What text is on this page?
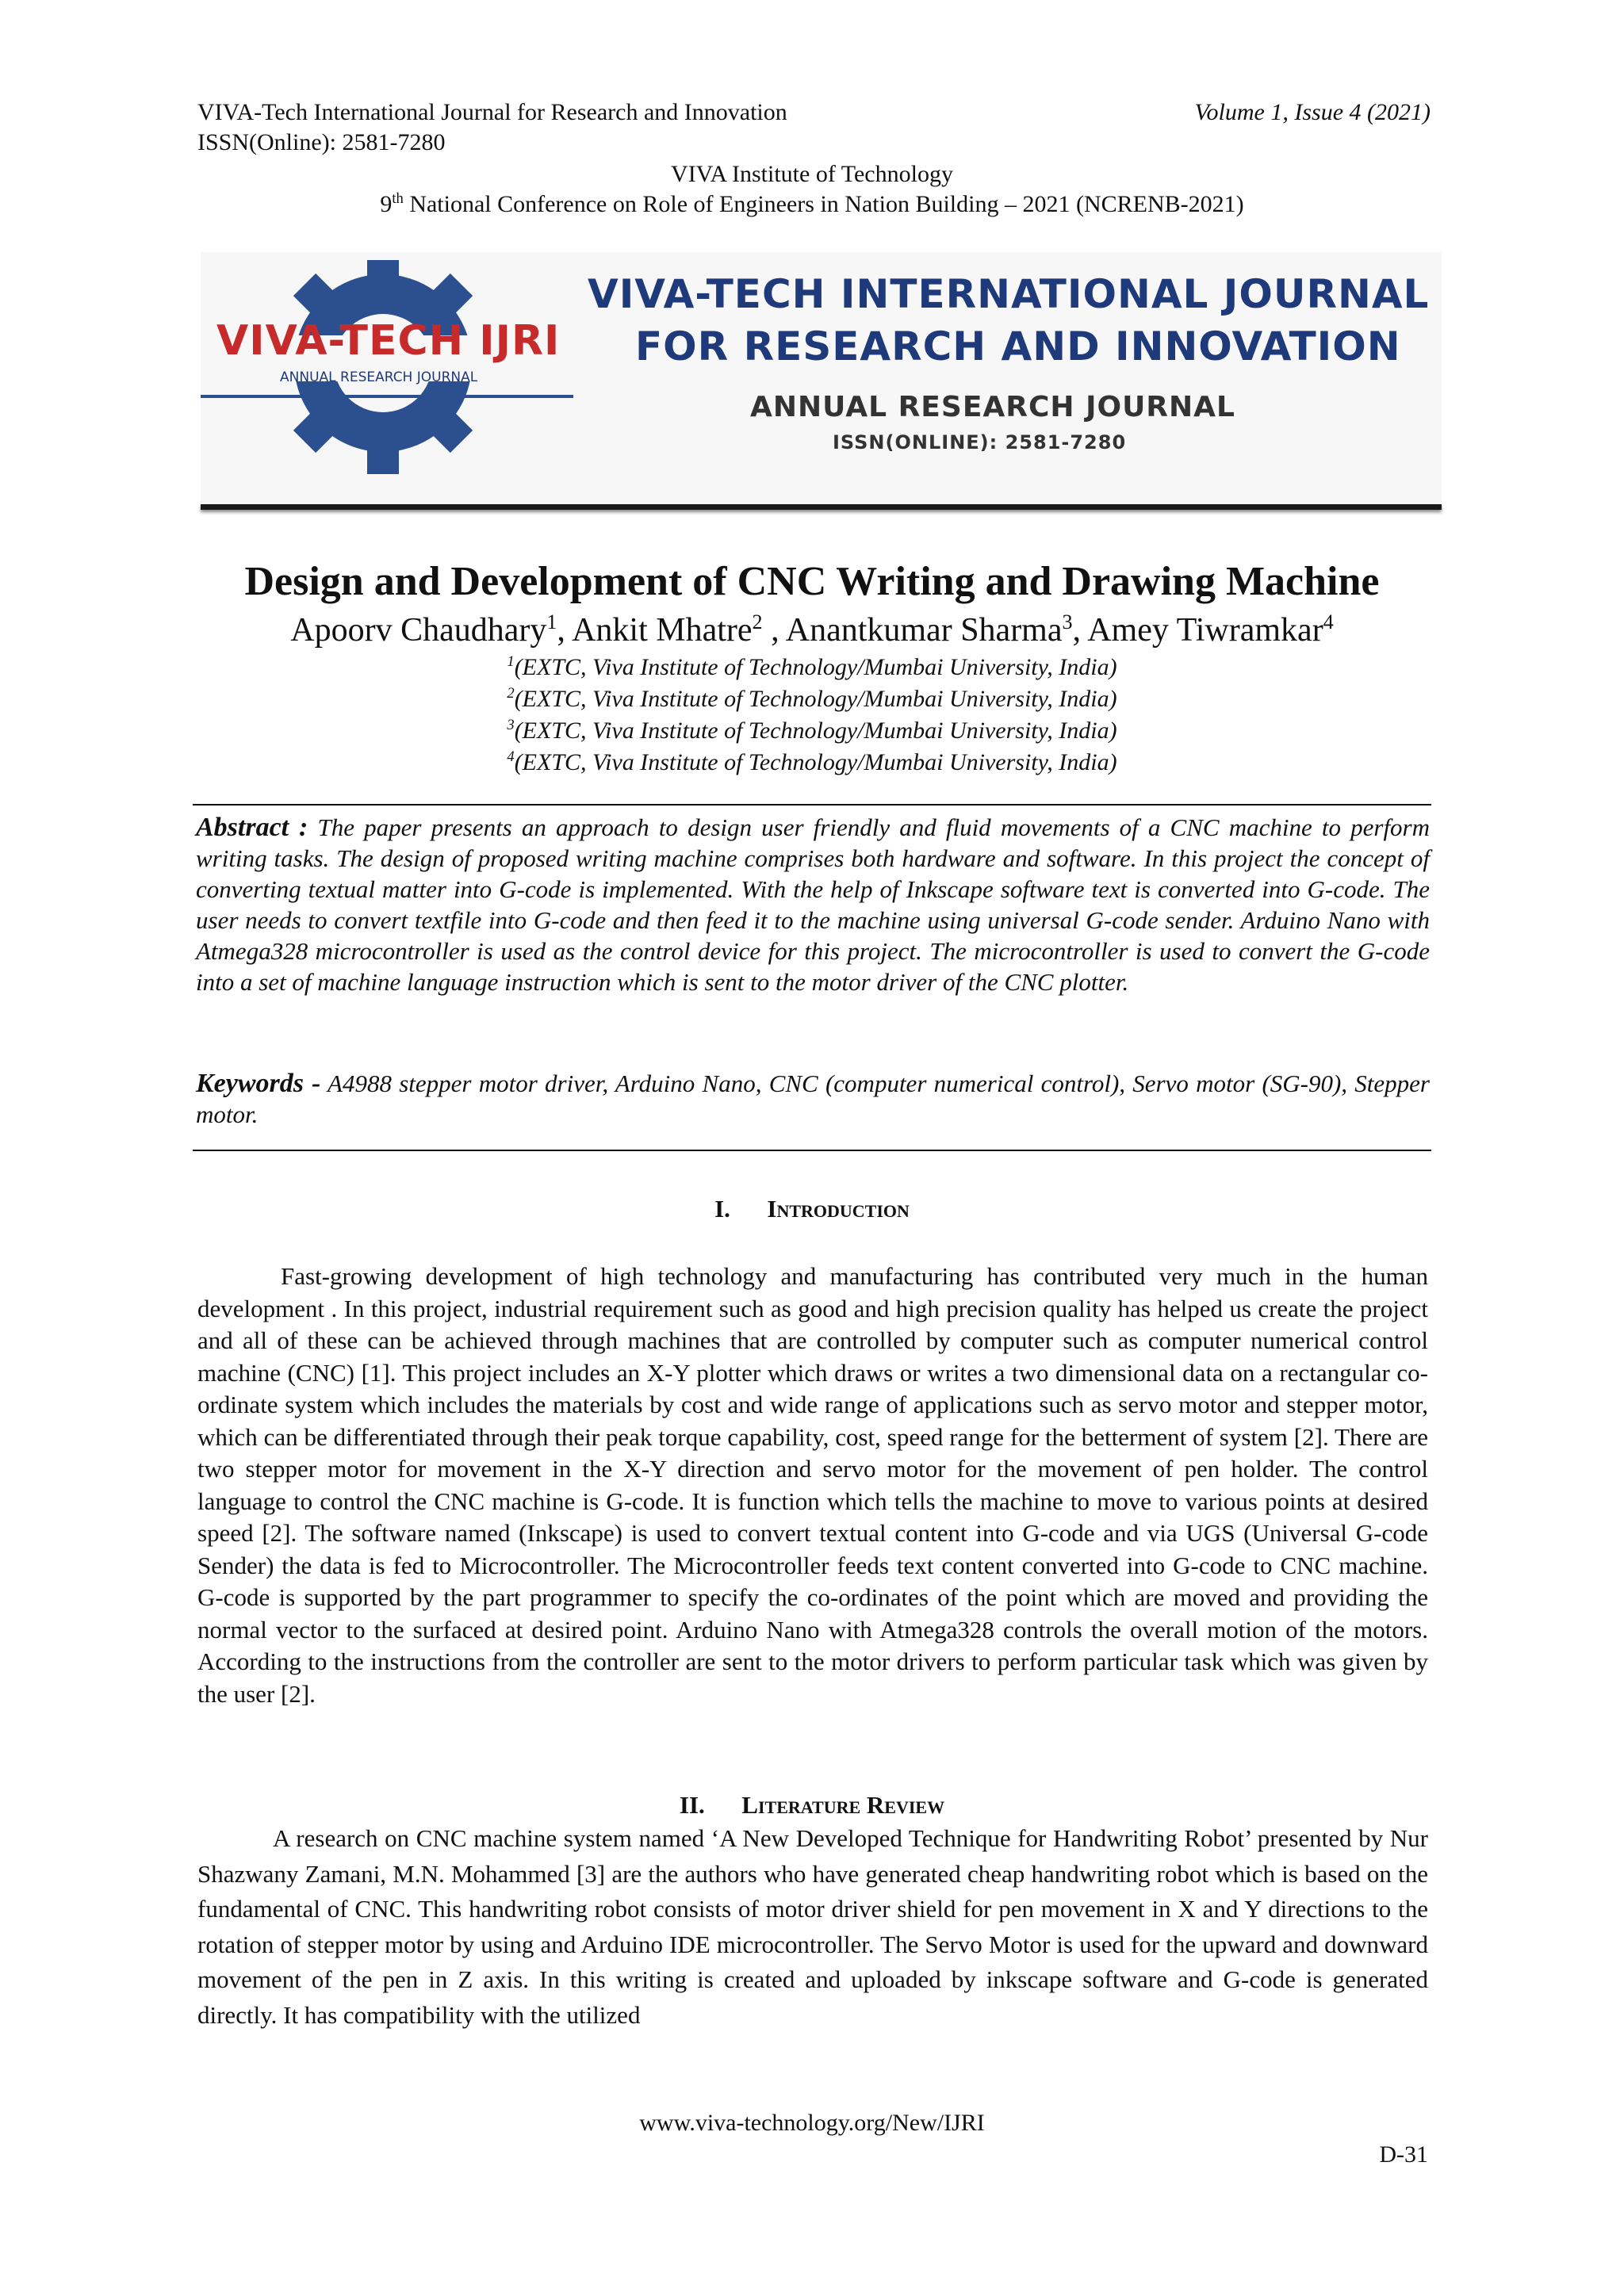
VIVA-Tech International Journal for Research and Innovation	Volume 1, Issue 4 (2021)
ISSN(Online): 2581-7280
VIVA Institute of Technology
9th National Conference on Role of Engineers in Nation Building – 2021 (NCRENB-2021)
VIVA-TECH IJRI
ANNUAL RESEARCH JOURNAL
VIVA-TECH INTERNATIONAL JOURNAL
FOR RESEARCH AND INNOVATION
ANNUAL RESEARCH JOURNAL
ISSN(ONLINE): 2581-7280
Design and Development of CNC Writing and Drawing Machine
Apoorv Chaudhary$^1$, Ankit Mhatre$^2$ , Anantkumar Sharma$^3$, Amey Tiwramkar$^4$
$^1$(EXTC, Viva Institute of Technology/Mumbai University, India)
$^2$(EXTC, Viva Institute of Technology/Mumbai University, India)
$^3$(EXTC, Viva Institute of Technology/Mumbai University, India)
$^4$(EXTC, Viva Institute of Technology/Mumbai University, India)
Abstract : The paper presents an approach to design user friendly and fluid movements of a CNC machine to perform writing tasks. The design of proposed writing machine comprises both hardware and software. In this project the concept of converting textual matter into G-code is implemented. With the help of Inkscape software text is converted into G-code. The user needs to convert textfile into G-code and then feed it to the machine using universal G-code sender. Arduino Nano with Atmega328 microcontroller is used as the control device for this project. The microcontroller is used to convert the G-code into a set of machine language instruction which is sent to the motor driver of the CNC plotter.
Keywords - A4988 stepper motor driver, Arduino Nano, CNC (computer numerical control), Servo motor (SG-90), Stepper motor.
I. Introduction
Fast-growing development of high technology and manufacturing has contributed very much in the human development . In this project, industrial requirement such as good and high precision quality has helped us create the project and all of these can be achieved through machines that are controlled by computer such as computer numerical control machine (CNC) [1]. This project includes an X-Y plotter which draws or writes a two dimensional data on a rectangular co-ordinate system which includes the materials by cost and wide range of applications such as servo motor and stepper motor, which can be differentiated through their peak torque capability, cost, speed range for the betterment of system [2]. There are two stepper motor for movement in the X-Y direction and servo motor for the movement of pen holder. The control language to control the CNC machine is G-code. It is function which tells the machine to move to various points at desired speed [2]. The software named (Inkscape) is used to convert textual content into G-code and via UGS (Universal G-code Sender) the data is fed to Microcontroller. The Microcontroller feeds text content converted into G-code to CNC machine. G-code is supported by the part programmer to specify the co-ordinates of the point which are moved and providing the normal vector to the surfaced at desired point. Arduino Nano with Atmega328 controls the overall motion of the motors. According to the instructions from the controller are sent to the motor drivers to perform particular task which was given by the user [2].
II. Literature Review
A research on CNC machine system named ‘A New Developed Technique for Handwriting Robot’ presented by Nur Shazwany Zamani, M.N. Mohammed [3] are the authors who have generated cheap handwriting robot which is based on the fundamental of CNC. This handwriting robot consists of motor driver shield for pen movement in X and Y directions to the rotation of stepper motor by using and Arduino IDE microcontroller. The Servo Motor is used for the upward and downward movement of the pen in Z axis. In this writing is created and uploaded by inkscape software and G-code is generated directly. It has compatibility with the utilized
www.viva-technology.org/New/IJRI
D-31
